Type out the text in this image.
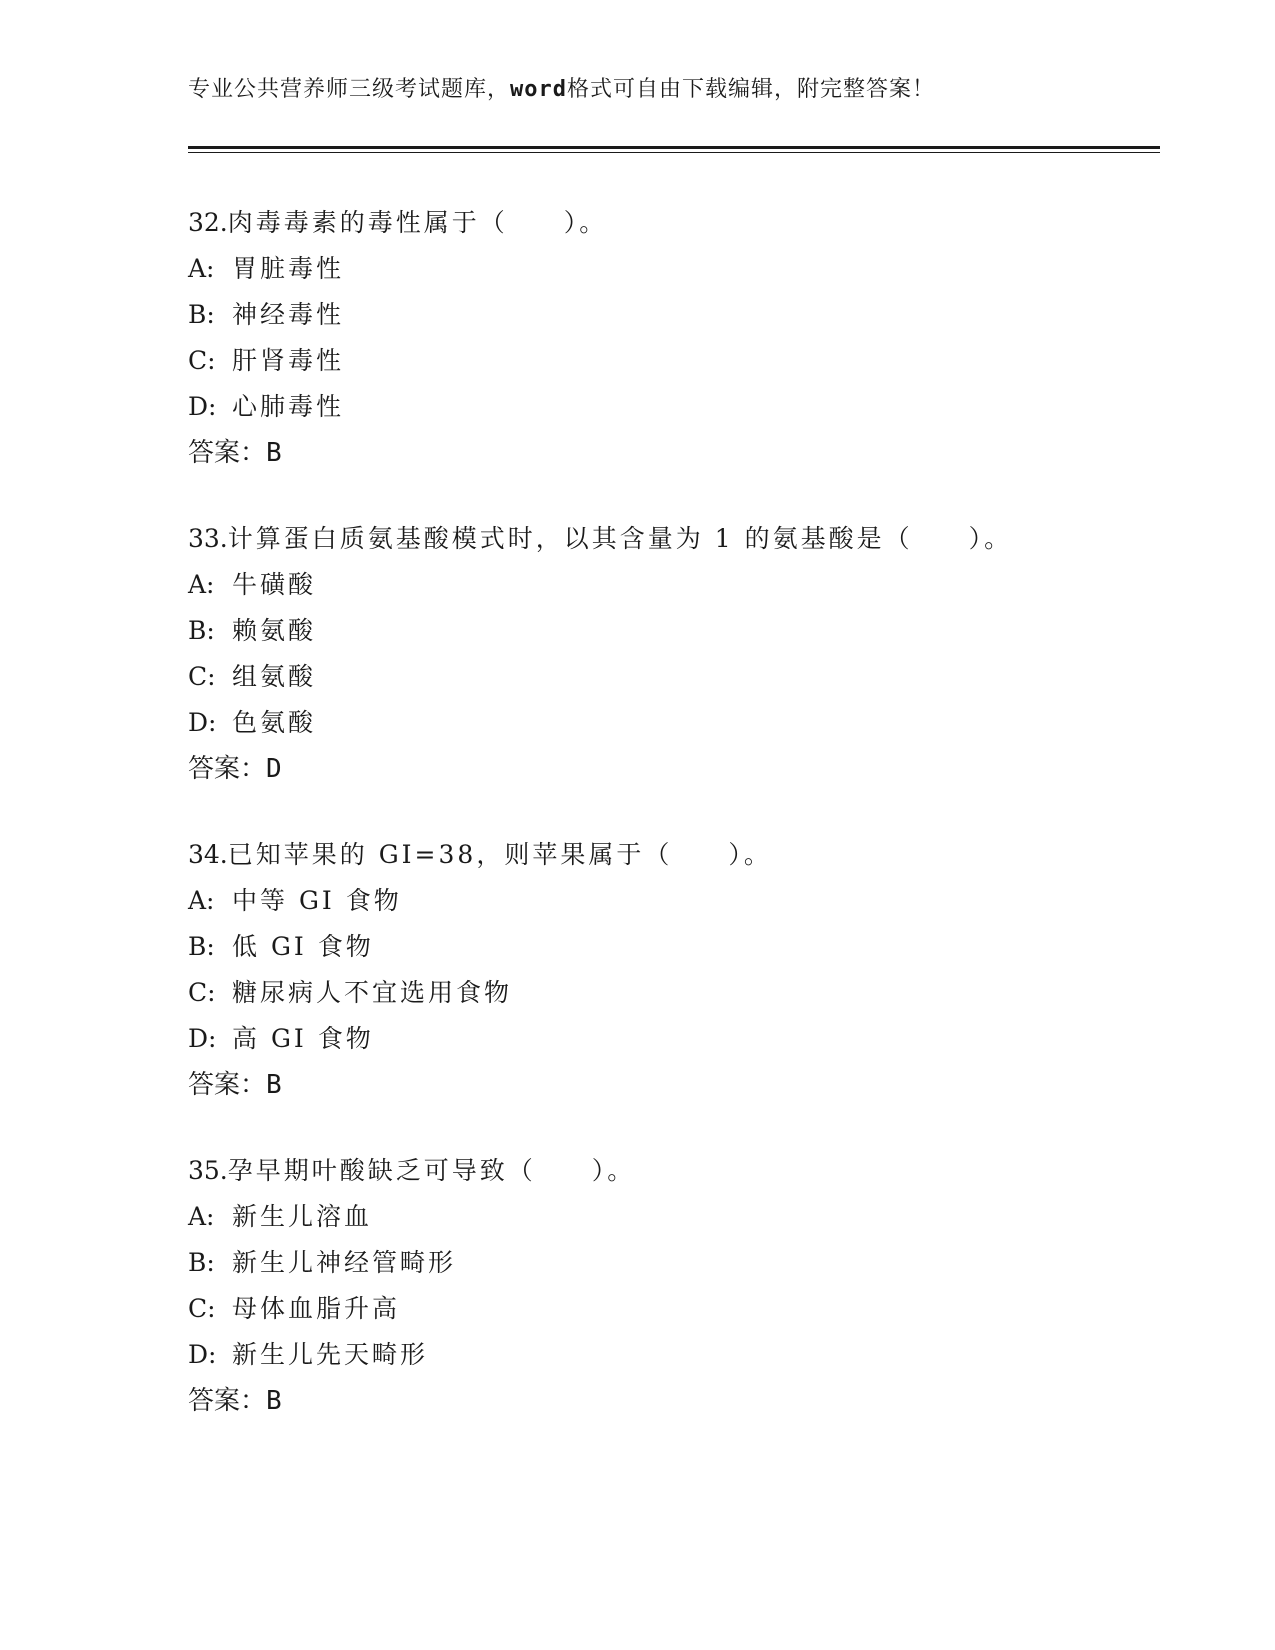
专业公共营养师三级考试题库，word格式可自由下载编辑，附完整答案！
32.肉毒毒素的毒性属于（　　）。
A: 胃脏毒性
B: 神经毒性
C: 肝肾毒性
D: 心肺毒性
答案：B
33.计算蛋白质氨基酸模式时，以其含量为 1 的氨基酸是（　　）。
A: 牛磺酸
B: 赖氨酸
C: 组氨酸
D: 色氨酸
答案：D
34.已知苹果的 GI=38，则苹果属于（　　）。
A: 中等 GI 食物
B: 低 GI 食物
C: 糖尿病人不宜选用食物
D: 高 GI 食物
答案：B
35.孕早期叶酸缺乏可导致（　　）。
A: 新生儿溶血
B: 新生儿神经管畸形
C: 母体血脂升高
D: 新生儿先天畸形
答案：B
